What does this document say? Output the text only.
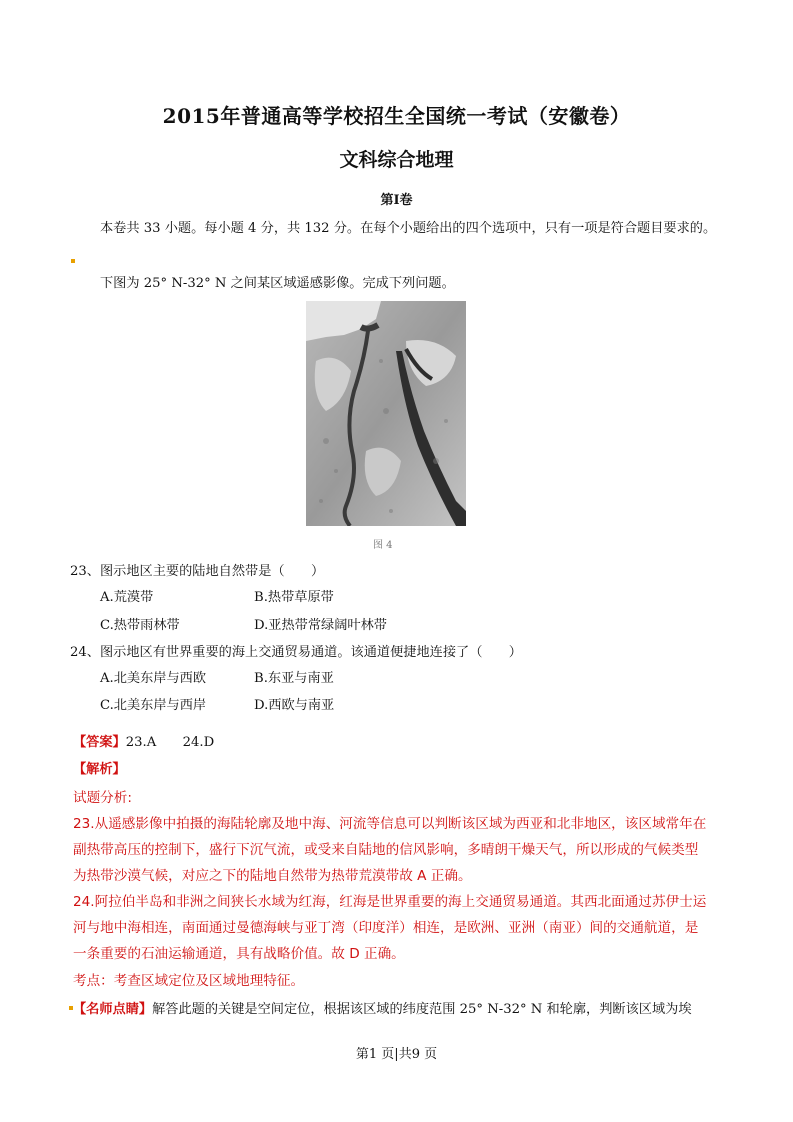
2015年普通高等学校招生全国统一考试（安徽卷）
文科综合地理
第Ⅰ卷
本卷共 33 小题。每小题 4 分，共 132 分。在每个小题给出的四个选项中，只有一项是符合题目要求的。
下图为 25° N-32° N 之间某区域遥感影像。完成下列问题。
图 4
23、图示地区主要的陆地自然带是（　　）
A.荒漠带	B.热带草原带
C.热带雨林带	D.亚热带常绿阔叶林带
24、图示地区有世界重要的海上交通贸易通道。该通道便捷地连接了（　　）
A.北美东岸与西欧	B.东亚与南亚
C.北美东岸与西岸	D.西欧与南亚
【答案】23.A　　24.D
【解析】
试题分析:
23.从遥感影像中拍摄的海陆轮廓及地中海、河流等信息可以判断该区域为西亚和北非地区，该区域常年在
副热带高压的控制下，盛行下沉气流，或受来自陆地的信风影响，多晴朗干燥天气，所以形成的气候类型
为热带沙漠气候，对应之下的陆地自然带为热带荒漠带故 A 正确。
24.阿拉伯半岛和非洲之间狭长水域为红海，红海是世界重要的海上交通贸易通道。其西北面通过苏伊士运
河与地中海相连，南面通过曼德海峡与亚丁湾（印度洋）相连，是欧洲、亚洲（南亚）间的交通航道，是
一条重要的石油运输通道，具有战略价值。故 D 正确。
考点：考查区域定位及区域地理特征。
【名师点睛】解答此题的关键是空间定位，根据该区域的纬度范围 25° N-32° N 和轮廓，判断该区域为埃
第1 页|共9 页
